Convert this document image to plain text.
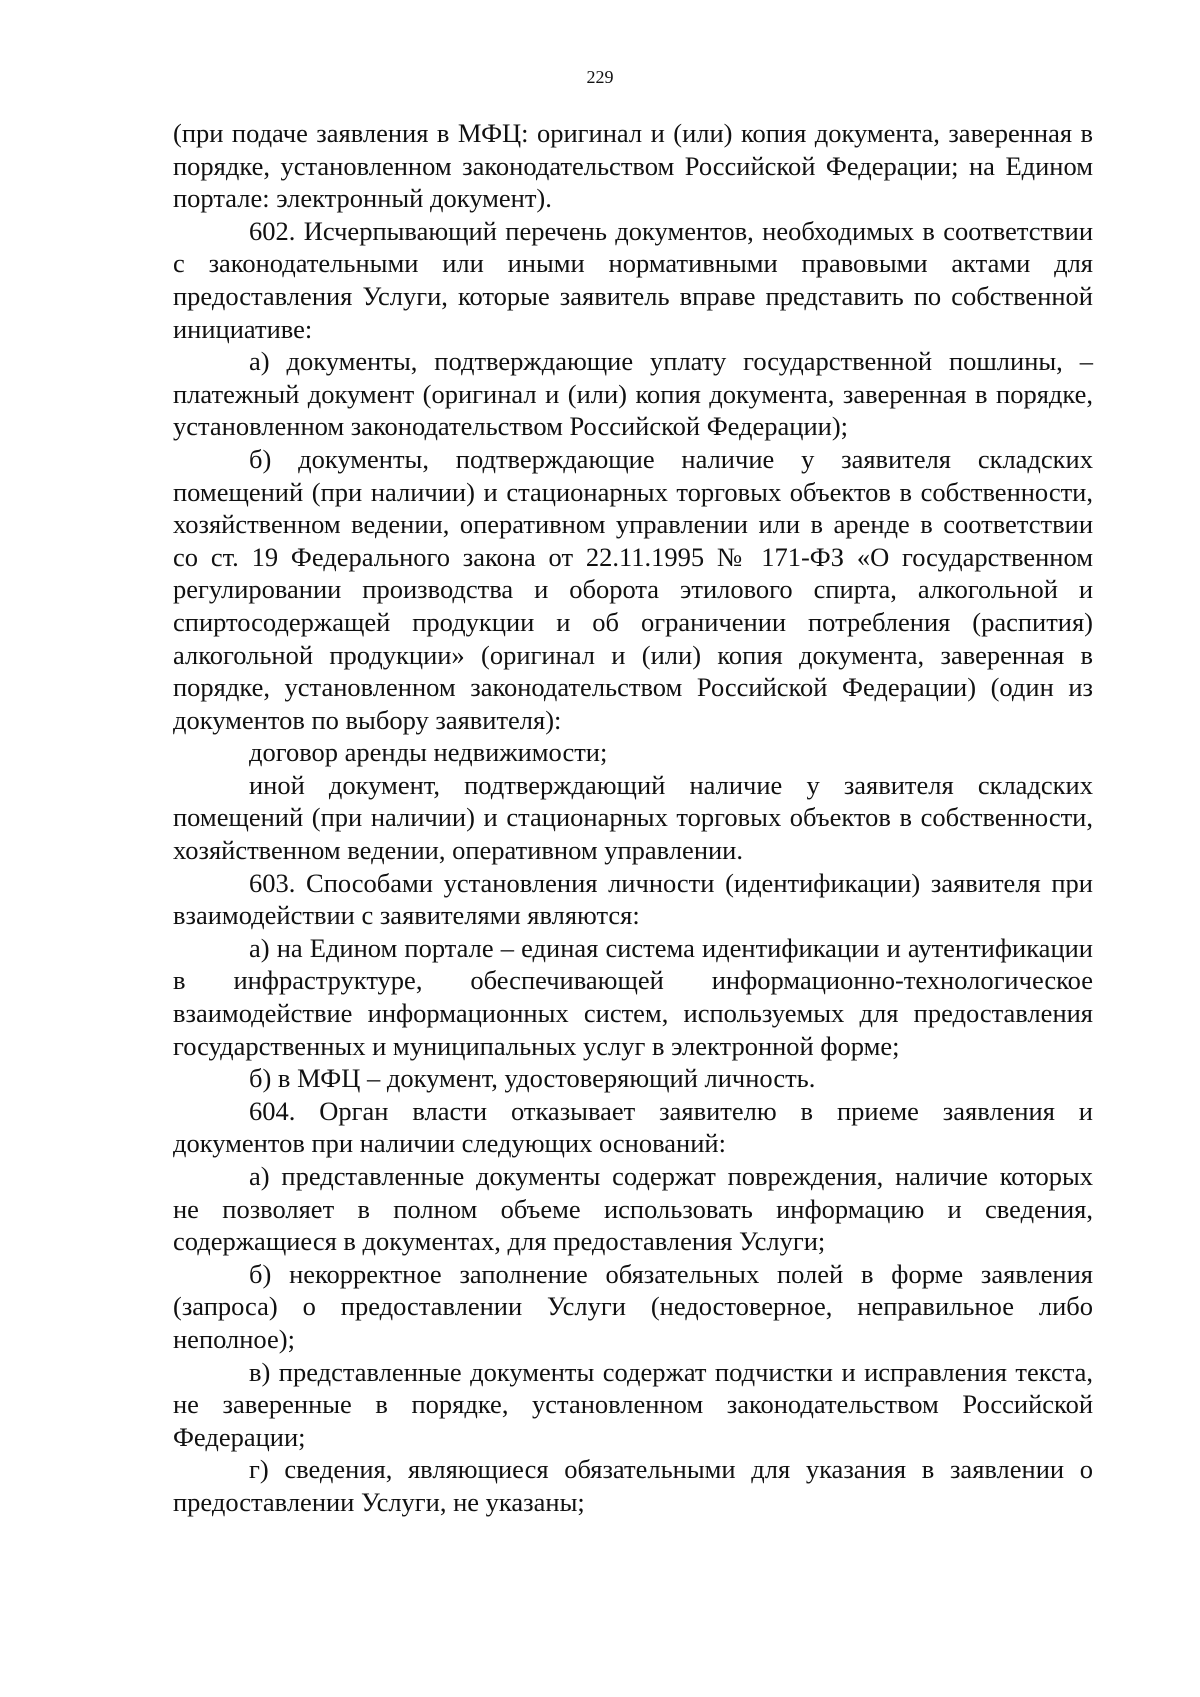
229

(при подаче заявления в МФЦ: оригинал и (или) копия документа, заверенная в порядке, установленном законодательством Российской Федерации; на Едином портале: электронный документ).

602. Исчерпывающий перечень документов, необходимых в соответствии с законодательными или иными нормативными правовыми актами для предоставления Услуги, которые заявитель вправе представить по собственной инициативе:

а) документы, подтверждающие уплату государственной пошлины, – платежный документ (оригинал и (или) копия документа, заверенная в порядке, установленном законодательством Российской Федерации);

б) документы, подтверждающие наличие у заявителя складских помещений (при наличии) и стационарных торговых объектов в собственности, хозяйственном ведении, оперативном управлении или в аренде в соответствии со ст. 19 Федерального закона от 22.11.1995 № 171-ФЗ «О государственном регулировании производства и оборота этилового спирта, алкогольной и спиртосодержащей продукции и об ограничении потребления (распития) алкогольной продукции» (оригинал и (или) копия документа, заверенная в порядке, установленном законодательством Российской Федерации) (один из документов по выбору заявителя):

договор аренды недвижимости;

иной документ, подтверждающий наличие у заявителя складских помещений (при наличии) и стационарных торговых объектов в собственности, хозяйственном ведении, оперативном управлении.

603. Способами установления личности (идентификации) заявителя при взаимодействии с заявителями являются:

а) на Едином портале – единая система идентификации и аутентификации в инфраструктуре, обеспечивающей информационно-технологическое взаимодействие информационных систем, используемых для предоставления государственных и муниципальных услуг в электронной форме;

б) в МФЦ – документ, удостоверяющий личность.

604. Орган власти отказывает заявителю в приеме заявления и документов при наличии следующих оснований:

а) представленные документы содержат повреждения, наличие которых не позволяет в полном объеме использовать информацию и сведения, содержащиеся в документах, для предоставления Услуги;

б) некорректное заполнение обязательных полей в форме заявления (запроса) о предоставлении Услуги (недостоверное, неправильное либо неполное);

в) представленные документы содержат подчистки и исправления текста, не заверенные в порядке, установленном законодательством Российской Федерации;

г) сведения, являющиеся обязательными для указания в заявлении о предоставлении Услуги, не указаны;
